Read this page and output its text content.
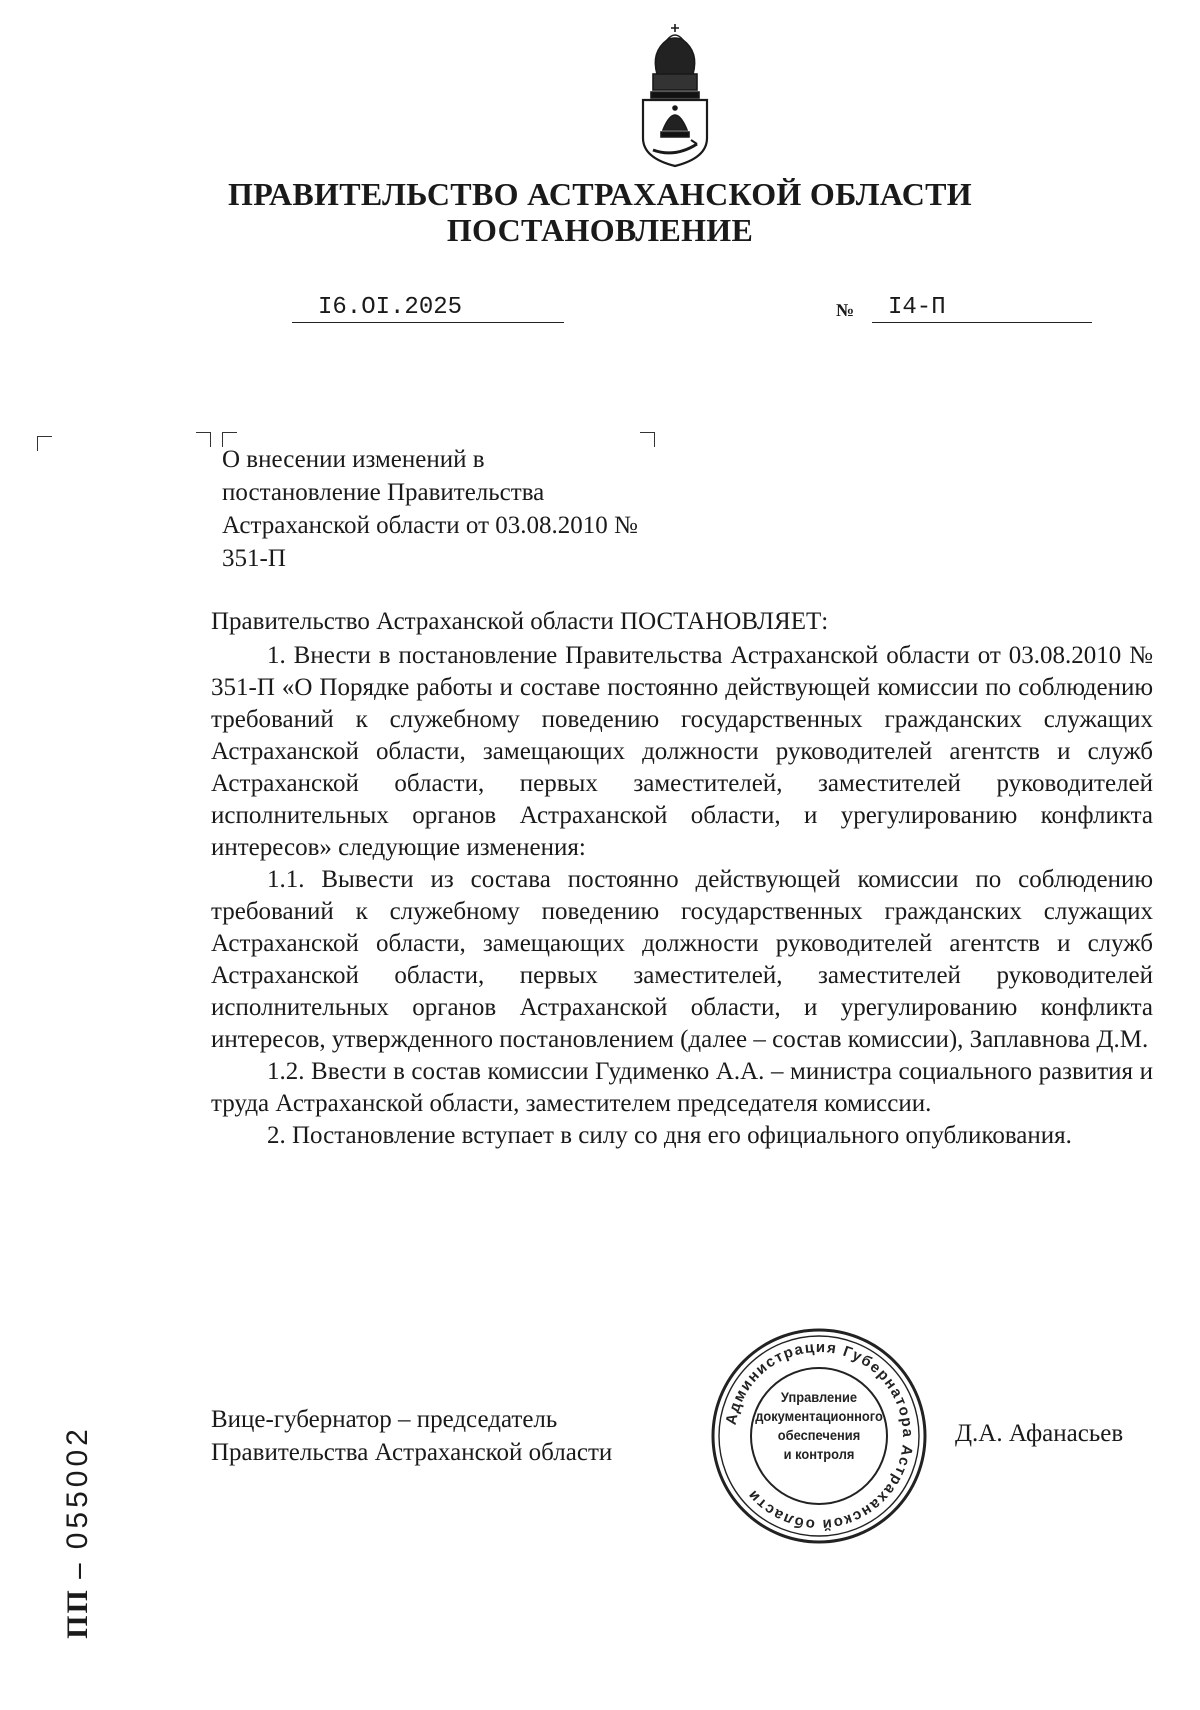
ПРАВИТЕЛЬСТВО АСТРАХАНСКОЙ ОБЛАСТИ
ПОСТАНОВЛЕНИЕ
I6.OI.2025	№ I4-П
О внесении изменений в постановление Правительства Астраханской области от 03.08.2010 № 351-П
Правительство Астраханской области ПОСТАНОВЛЯЕТ:

1. Внести в постановление Правительства Астраханской области от 03.08.2010 № 351-П «О Порядке работы и составе постоянно действующей комиссии по соблюдению требований к служебному поведению государственных гражданских служащих Астраханской области, замещающих должности руководителей агентств и служб Астраханской области, первых заместителей, заместителей руководителей исполнительных органов Астраханской области, и урегулированию конфликта интересов» следующие изменения:

1.1. Вывести из состава постоянно действующей комиссии по соблюдению требований к служебному поведению государственных гражданских служащих Астраханской области, замещающих должности руководителей агентств и служб Астраханской области, первых заместителей, заместителей руководителей исполнительных органов Астраханской области, и урегулированию конфликта интересов, утвержденного постановлением (далее – состав комиссии), Заплавнова Д.М.

1.2. Ввести в состав комиссии Гудименко А.А. – министра социального развития и труда Астраханской области, заместителем председателя комиссии.

2. Постановление вступает в силу со дня его официального опубликования.

Вице-губернатор – председатель
Правительства Астраханской области
Д.А. Афанасьев
Администрация Губернатора Астраханской области
Управление
документационного
обеспечения
и контроля
ПП – 055002
